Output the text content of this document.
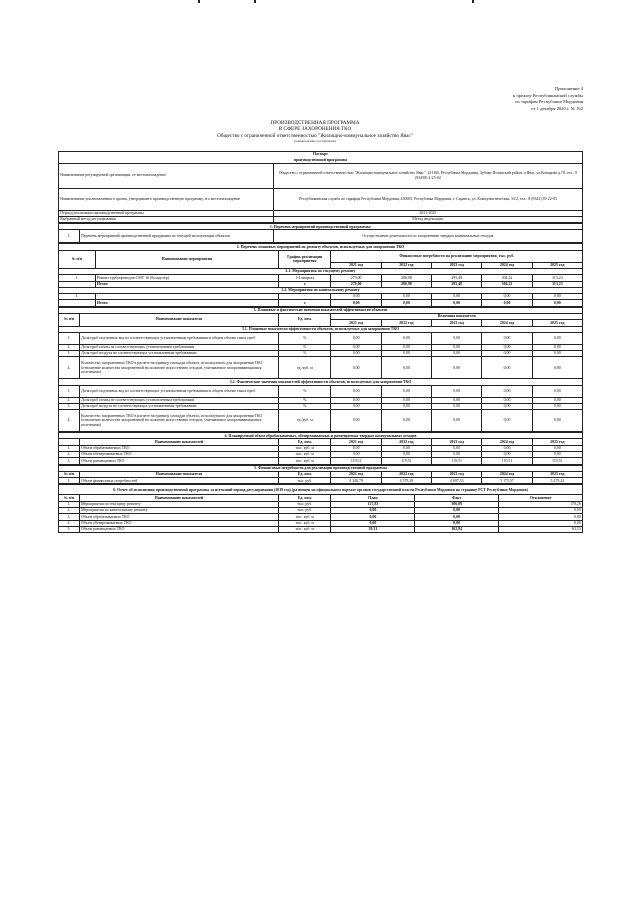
Приложение 4
к приказу Республиканской службы
по тарифам Республики Мордовия
от 1 декабря 2020 г. № 162
ПРОИЗВОДСТВЕННАЯ ПРОГРАММА
В СФЕРЕ ЗАХОРОНЕНИЯ ТКО
Общество с ограниченной ответственностью "Жилищно-коммунальное хозяйство Явас"
(наименование организации)
Паспорт	
производственной программы	
Наименование регулируемой организации, ее местонахождение	Общество с ограниченной ответственностью "Жилищно-коммунальное хозяйство Явас", 431160, Республика Мордовия, Зубово-Полянский район, п.Явас, ул.Комарова д.70, тел.: 8 (83458) 2-25-04
Наименование уполномоченного органа, утвердившего производственную программу, его местонахождение	Республиканская служба по тарифам Республики Мордовия, 430005, Республика Мордовия, г. Саранск, ул. Коммунистическая, 33/2, тел.: 8 (8342) 39-22-83
Период реализации производственной программы	2021-2025
Выбранный метод регулирования	Метод индексации
1. Перечень мероприятий производственной программы:
1.	Перечень мероприятий производственной программы по текущей эксплуатации объектов	Осуществление деятельности по захоронению твердых коммунальных отходов
2. Перечень плановых мероприятий по ремонту объектов, используемых для захоронения ТКО							
№ п/п	Наименование мероприятия	График реализации мероприятия	Финансовые потребности на реализацию мероприятия, тыс. руб.				
			2021 год	2022 год	2023 год	2024 год	2025 год
2.1. Мероприятия по текущему ремонту							
1.	Ремонт трубопроводов СМТ 16 (бульдозер)	1-4 квартал	279,00	286,98	295,48	304,22	313,23
	Итого:	x	279,00	286,98	295,48	304,22	313,23
2.2. Мероприятия по капитальному ремонту							
1.	-	-	0,00	0,00	0,00	0,00	0,00
	Итого:	x	0,00	0,00	0,00	0,00	0,00
3. Плановые и фактические значения показателей эффективности объектов							
№ п/п	Наименование показателя	Ед. изм.	Величина показателя				
			2021 год	2022 год	2023 год	2024 год	2025 год
3.1. Плановые показатели эффективности объектов, используемых для захоронения ТКО							
1.	Доля проб подземных вод из соответствующих установленным требованиям в общем объеме таких проб	%	0,00	0,00	0,00	0,00	0,00
2.	Доля проб почвы не соответствующих установленным требованиям	%	0,00	0,00	0,00	0,00	0,00
3.	Доля проб воздуха не соответствующих установленным требованиям	%	0,00	0,00	0,00	0,00	0,00
4.	Количество захороненных ТКО в расчете на единицу площади объекта, используемого для захоронения ТКО (отношение количества захороненной на полигоне искусственно отходов, учитываемое захоронивающимися полезными)	ед./куб. м	0,00	0,00	0,00	0,00	0,00
3.2. Фактические значения показателей эффективности объектов, используемых для захоронения ТКО							
1.	Доля проб подземных вод из соответствующих установленным требованиям в общем объеме таких проб	%	0,00	0,00	0,00	0,00	0,00
2.	Доля проб почвы не соответствующих установленным требованиям	%	0,00	0,00	0,00	0,00	0,00
3.	Доля проб воздуха не соответствующих установленным требованиям	%	0,00	0,00	0,00	0,00	0,00
4.	Количество захороненных ТКО в расчете на единицу площади объекта, используемого для захоронения ТКО (отношение количества захороненной на полигоне искусственно отходов, учитываемое захоронивающимися полезными)	ед./куб. м	0,00	0,00	0,00	0,00	0,00
4. Планируемый объем обрабатываемых, обезвреживаемых и размещаемых твердых коммунальных отходов							
	Наименование показателей	Ед. изм.	2021 год	2022 год	2023 год	2024 год	2025 год
1.	Объем обрабатываемых ТКО	тыс. куб. м	0,00	0,00	0,00	0,00	0,00
2.	Объем обезвреживаемых ТКО	тыс. куб. м	0,00	0,00	0,00	0,00	0,00
3.	Объем размещаемых ТКО	тыс. куб. м	119,51	119,51	119,51	119,51	119,51
5. Финансовые потребности для реализации производственной программы							
№ п/п	Наименование показателя	Ед. изм.	2021 год	2022 год	2023 год	2024 год	2025 год
1.	Объем финансовых потребностей	тыс. руб.	4 346,79	4 579,29	4 697,33	5 175,57	5 279,24
6. Отчет об исполнении производственной программы за истекший период регулирования (2019 год) (размещен на официальном портале органов государственной власти Республики Мордовия на странице РСТ Республики Мордовия)					
№ п/п	Наименование показателей	Ед. изм.	План	Факт	Отклонение
1.	Мероприятия по текущему ремонту	тыс. руб.	127,83	306,09	178,26
2.	Мероприятия по капитальному ремонту	тыс. руб.	0,00	0,00	0,00
3.	Объем обрабатываемых ТКО	тыс. куб. м	0,00	0,00	0,00
4.	Объем обезвреживаемых ТКО	тыс. куб. м	0,00	0,00	0,00
5.	Объем размещаемых ТКО	тыс. куб. м	39,31	102,84	63,53
